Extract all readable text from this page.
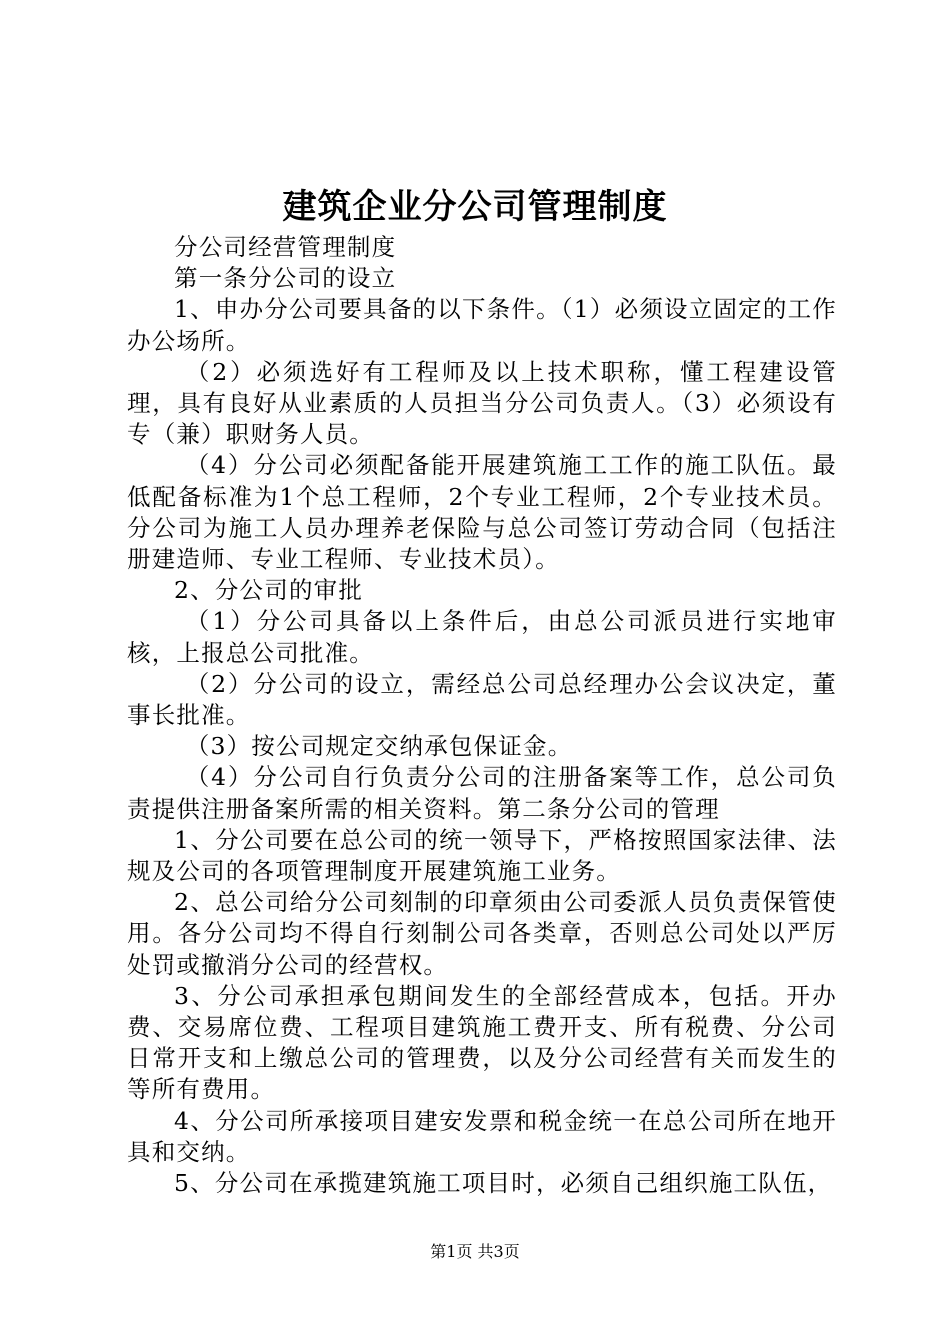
建筑企业分公司管理制度

分公司经营管理制度

第一条分公司的设立

1、申办分公司要具备的以下条件。（1）必须设立固定的工作办公场所。

（2）必须选好有工程师及以上技术职称，懂工程建设管理，具有良好从业素质的人员担当分公司负责人。（3）必须设有专（兼）职财务人员。

（4）分公司必须配备能开展建筑施工工作的施工队伍。最低配备标准为1个总工程师，2个专业工程师，2个专业技术员。分公司为施工人员办理养老保险与总公司签订劳动合同（包括注册建造师、专业工程师、专业技术员）。

2、分公司的审批

（1）分公司具备以上条件后，由总公司派员进行实地审核，上报总公司批准。

（2）分公司的设立，需经总公司总经理办公会议决定，董事长批准。

（3）按公司规定交纳承包保证金。

（4）分公司自行负责分公司的注册备案等工作，总公司负责提供注册备案所需的相关资料。第二条分公司的管理

1、分公司要在总公司的统一领导下，严格按照国家法律、法规及公司的各项管理制度开展建筑施工业务。

2、总公司给分公司刻制的印章须由公司委派人员负责保管使用。各分公司均不得自行刻制公司各类章，否则总公司处以严厉处罚或撤消分公司的经营权。

3、分公司承担承包期间发生的全部经营成本，包括。开办费、交易席位费、工程项目建筑施工费开支、所有税费、分公司日常开支和上缴总公司的管理费，以及分公司经营有关而发生的等所有费用。

4、分公司所承接项目建安发票和税金统一在总公司所在地开具和交纳。

5、分公司在承揽建筑施工项目时，必须自己组织施工队伍，

第1页 共3页
